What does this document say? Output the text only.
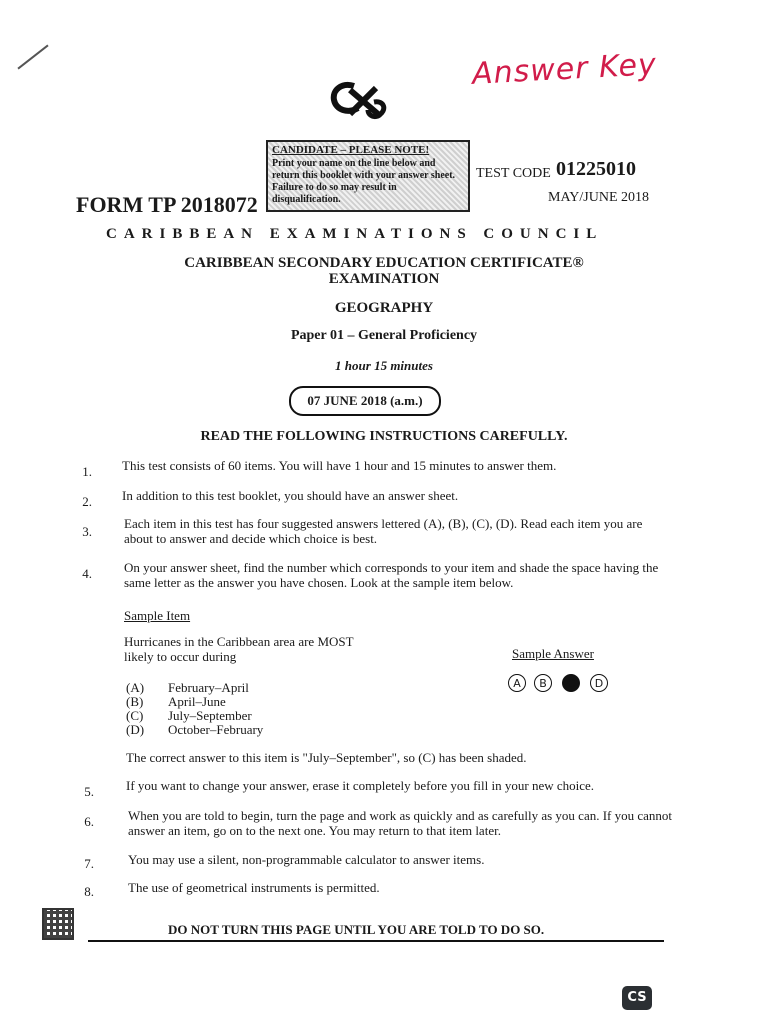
Answer Key
CANDIDATE – PLEASE NOTE!
Print your name on the line below and return this booklet with your answer sheet. Failure to do so may result in disqualification.
FORM TP 2018072
TEST CODE 01225010
MAY/JUNE 2018
CARIBBEAN EXAMINATIONS COUNCIL
CARIBBEAN SECONDARY EDUCATION CERTIFICATE®
EXAMINATION
GEOGRAPHY
Paper 01 – General Proficiency
1 hour 15 minutes
07 JUNE 2018 (a.m.)
READ THE FOLLOWING INSTRUCTIONS CAREFULLY.
1. This test consists of 60 items. You will have 1 hour and 15 minutes to answer them.
2. In addition to this test booklet, you should have an answer sheet.
3.
Each item in this test has four suggested answers lettered (A), (B), (C), (D). Read each item you are about to answer and decide which choice is best.
4. On your answer sheet, find the number which corresponds to your item and shade the space having the same letter as the answer you have chosen. Look at the sample item below.
Sample Item
Hurricanes in the Caribbean area are MOST likely to occur during
(A)	February–April
(B)	April–June
(C)	July–September
(D)	October–February
Sample Answer
A	B	C	D
The correct answer to this item is "July–September", so (C) has been shaded.
5. If you want to change your answer, erase it completely before you fill in your new choice.
6.	When you are told to begin, turn the page and work as quickly and as carefully as you can. If you cannot answer an item, go on to the next one. You may return to that item later.
7.	You may use a silent, non-programmable calculator to answer items.
8.	The use of geometrical instruments is permitted.
DO NOT TURN THIS PAGE UNTIL YOU ARE TOLD TO DO SO.
CS
